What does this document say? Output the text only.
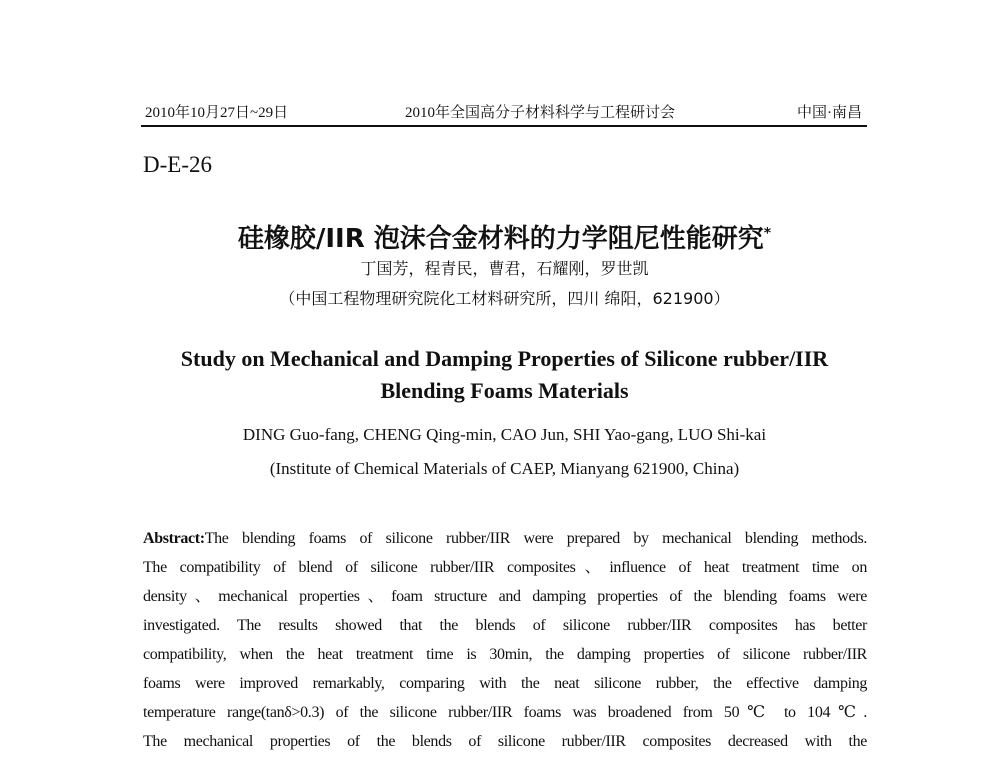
2010年10月27日~29日	2010年全国高分子材料科学与工程研讨会	中国·南昌
D-E-26
硅橡胶/IIR 泡沫合金材料的力学阻尼性能研究*
丁国芳，程青民，曹君，石耀刚，罗世凯
（中国工程物理研究院化工材料研究所，四川 绵阳，621900）
Study on Mechanical and Damping Properties of Silicone rubber/IIR
Blending Foams Materials
DING Guo-fang, CHENG Qing-min, CAO Jun, SHI Yao-gang, LUO Shi-kai
(Institute of Chemical Materials of CAEP, Mianyang 621900, China)

Abstract:The blending foams of silicone rubber/IIR were prepared by mechanical blending methods.

The compatibility of blend of silicone rubber/IIR composites、influence of heat treatment time on

density、mechanical properties、foam structure and damping properties of the blending foams were

investigated. The results showed that the blends of silicone rubber/IIR composites has better

compatibility, when the heat treatment time is 30min, the damping properties of silicone rubber/IIR

foams were improved remarkably, comparing with the neat silicone rubber, the effective damping

temperature range(tanδ>0.3) of the silicone rubber/IIR foams was broadened from 50℃ to 104℃.

The mechanical properties of the blends of silicone rubber/IIR composites decreased with the
